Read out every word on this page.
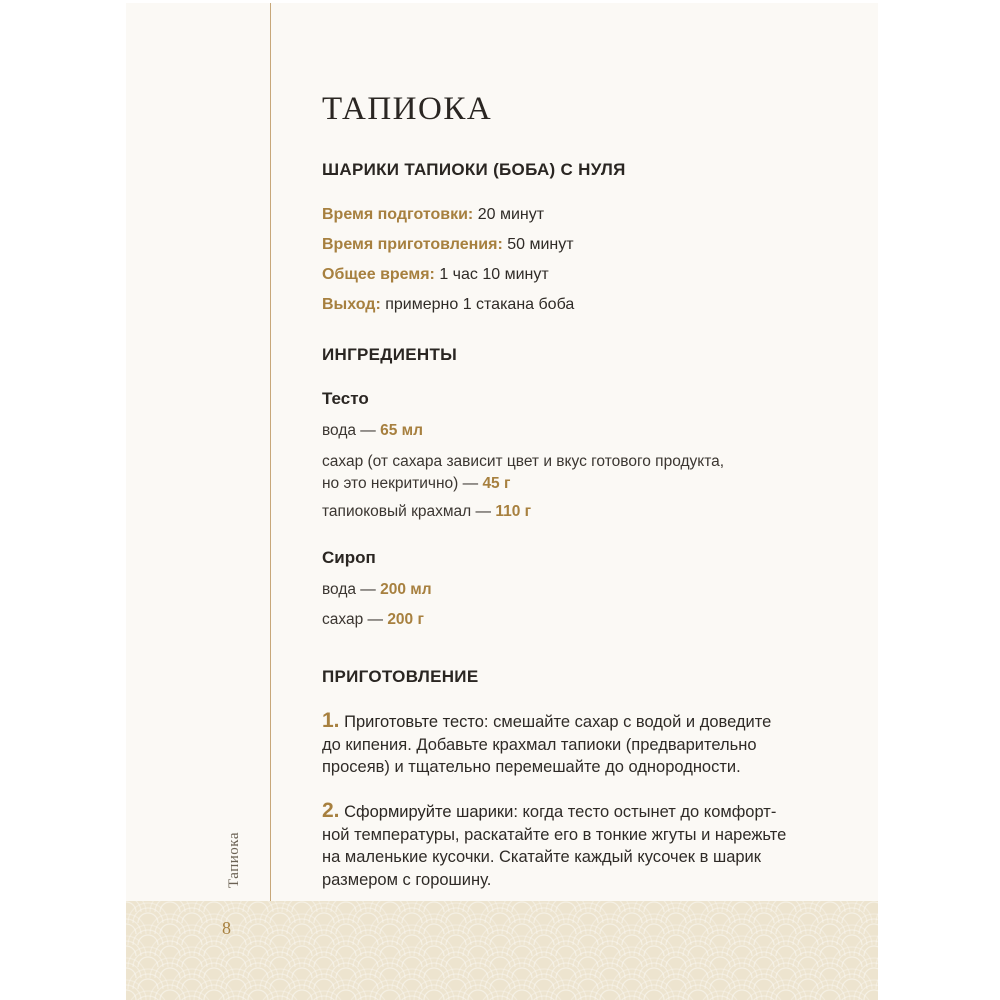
Тапиока
8
ТАПИОКА
ШАРИКИ ТАПИОКИ (БОБА) С НУЛЯ
Время подготовки: 20 минут
Время приготовления: 50 минут
Общее время: 1 час 10 минут
Выход: примерно 1 стакана боба
ИНГРЕДИЕНТЫ
Тесто
вода — 65 мл
сахар (от сахара зависит цвет и вкус готового продукта,
но это некритично) — 45 г
тапиоковый крахмал — 110 г
Сироп
вода — 200 мл
сахар — 200 г
ПРИГОТОВЛЕНИЕ
1. Приготовьте тесто: смешайте сахар с водой и доведите
до кипения. Добавьте крахмал тапиоки (предварительно
просеяв) и тщательно перемешайте до однородности.
2. Сформируйте шарики: когда тесто остынет до комфорт-
ной температуры, раскатайте его в тонкие жгуты и нарежьте
на маленькие кусочки. Скатайте каждый кусочек в шарик
размером с горошину.
